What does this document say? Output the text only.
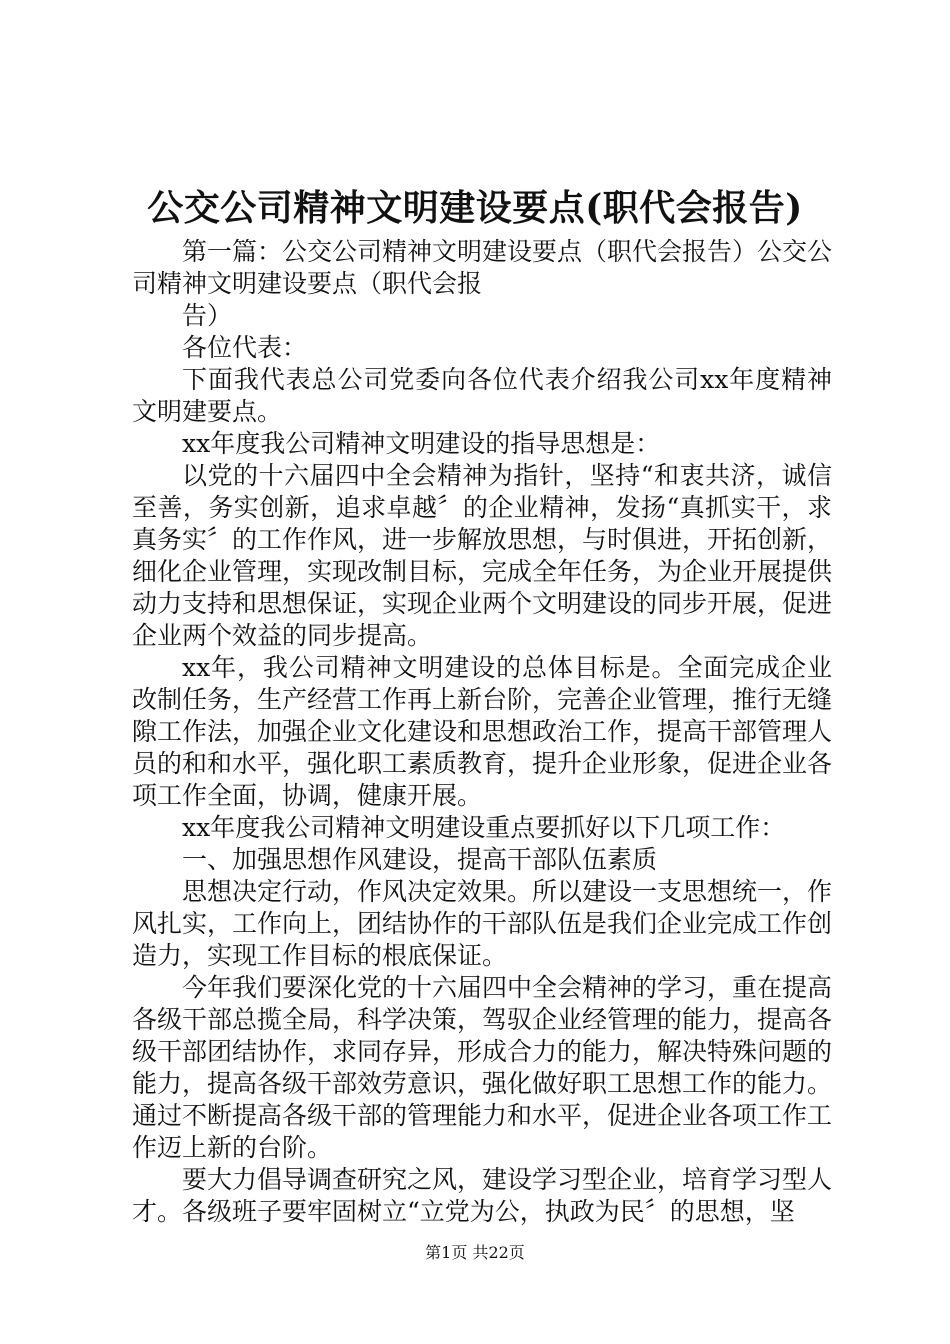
公交公司精神文明建设要点(职代会报告)

第一篇：公交公司精神文明建设要点（职代会报告）公交公司精神文明建设要点（职代会报

告）

各位代表：

下面我代表总公司党委向各位代表介绍我公司xx年度精神文明建要点。

xx年度我公司精神文明建设的指导思想是：

以党的十六届四中全会精神为指针，坚持“和衷共济，诚信至善，务实创新，追求卓越〞的企业精神，发扬“真抓实干，求真务实〞的工作作风，进一步解放思想，与时俱进，开拓创新，细化企业管理，实现改制目标，完成全年任务，为企业开展提供动力支持和思想保证，实现企业两个文明建设的同步开展，促进企业两个效益的同步提高。

xx年，我公司精神文明建设的总体目标是。全面完成企业改制任务，生产经营工作再上新台阶，完善企业管理，推行无缝隙工作法，加强企业文化建设和思想政治工作，提高干部管理人员的和和水平，强化职工素质教育，提升企业形象，促进企业各项工作全面，协调，健康开展。

xx年度我公司精神文明建设重点要抓好以下几项工作：

一、加强思想作风建设，提高干部队伍素质

思想决定行动，作风决定效果。所以建设一支思想统一，作风扎实，工作向上，团结协作的干部队伍是我们企业完成工作创造力，实现工作目标的根底保证。

今年我们要深化党的十六届四中全会精神的学习，重在提高各级干部总揽全局，科学决策，驾驭企业经管理的能力，提高各级干部团结协作，求同存异，形成合力的能力，解决特殊问题的能力，提高各级干部效劳意识，强化做好职工思想工作的能力。通过不断提高各级干部的管理能力和水平，促进企业各项工作工作迈上新的台阶。

要大力倡导调查研究之风，建设学习型企业，培育学习型人才。各级班子要牢固树立“立党为公，执政为民〞的思想，坚

第1页 共22页
